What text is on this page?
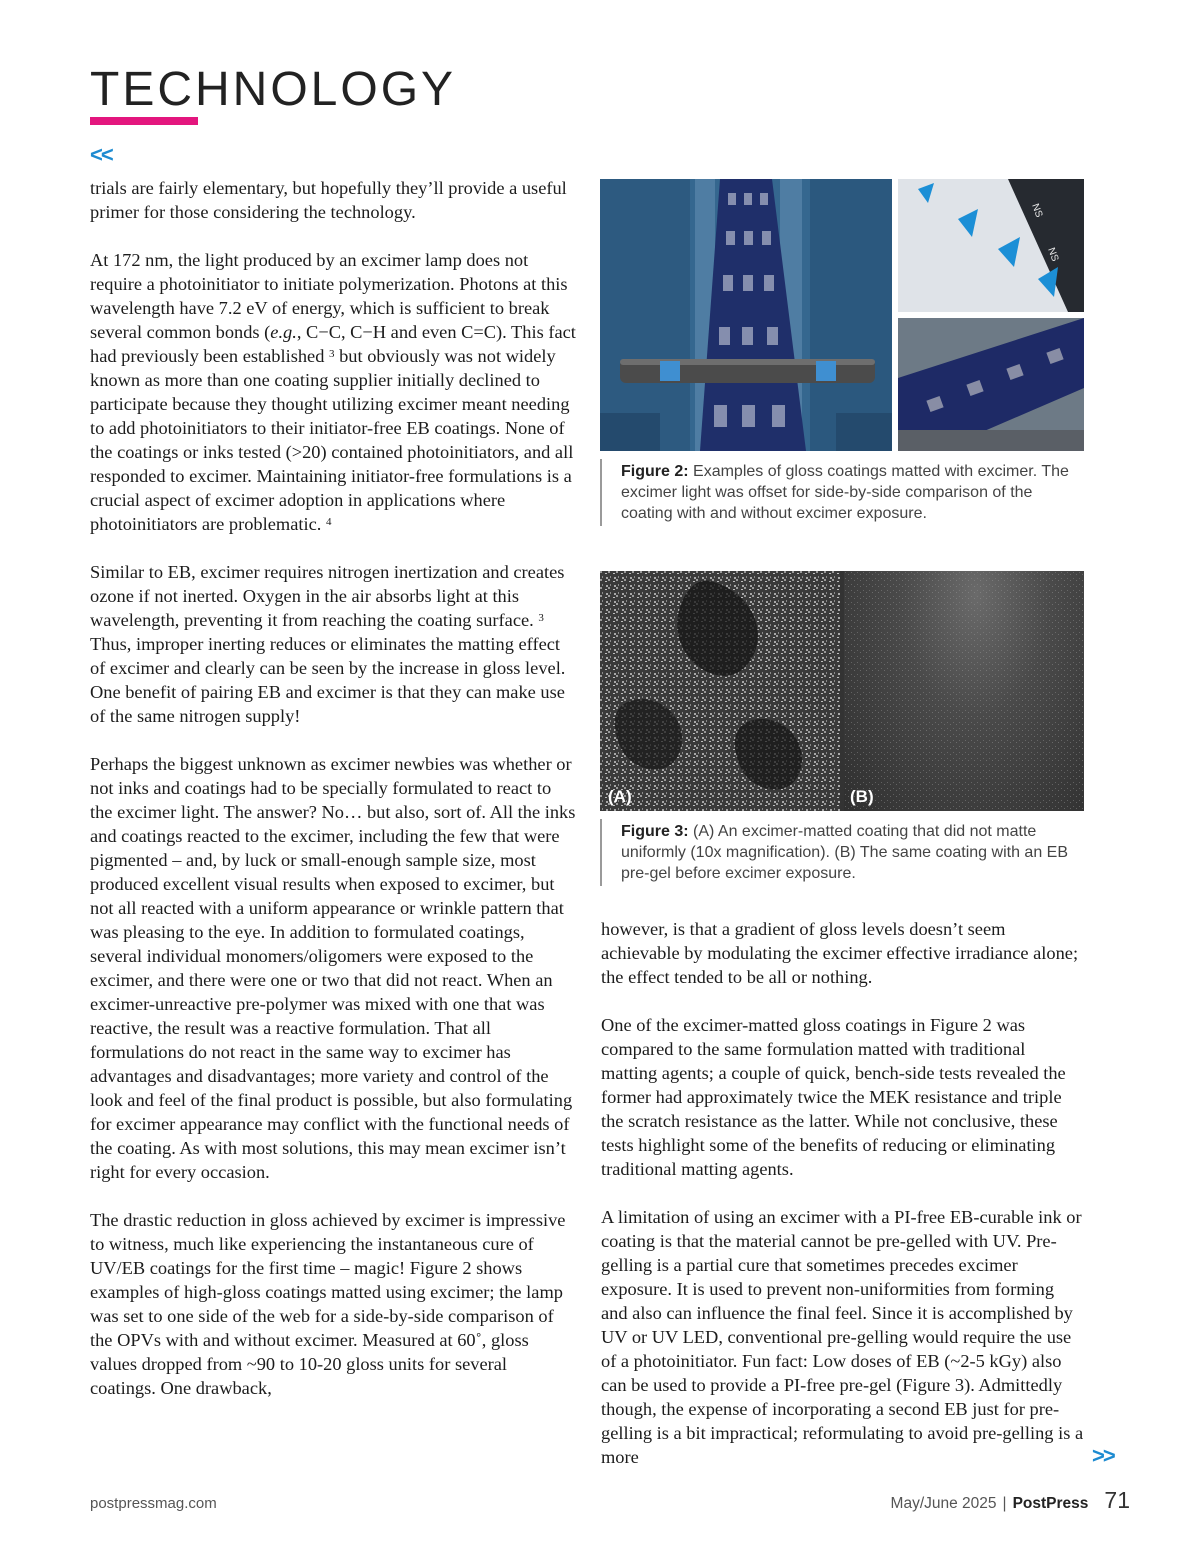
TECHNOLOGY
<<

trials are fairly elementary, but hopefully they’ll provide a useful primer for those considering the technology.

At 172 nm, the light produced by an excimer lamp does not require a photoinitiator to initiate polymerization. Photons at this wavelength have 7.2 eV of energy, which is sufficient to break several common bonds (e.g., C−C, C−H and even C=C). This fact had previously been established $^3$ but obviously was not widely known as more than one coating supplier initially declined to participate because they thought utilizing excimer meant needing to add photoinitiators to their initiator-free EB coatings. None of the coatings or inks tested (>20) contained photoinitiators, and all responded to excimer. Maintaining initiator-free formulations is a crucial aspect of excimer adoption in applications where photoinitiators are problematic. $^4$

Similar to EB, excimer requires nitrogen inertization and creates ozone if not inerted. Oxygen in the air absorbs light at this wavelength, preventing it from reaching the coating surface. $^3$ Thus, improper inerting reduces or eliminates the matting effect of excimer and clearly can be seen by the increase in gloss level. One benefit of pairing EB and excimer is that they can make use of the same nitrogen supply!

Perhaps the biggest unknown as excimer newbies was whether or not inks and coatings had to be specially formulated to react to the excimer light. The answer? No… but also, sort of. All the inks and coatings reacted to the excimer, including the few that were pigmented – and, by luck or small-enough sample size, most produced excellent visual results when exposed to excimer, but not all reacted with a uniform appearance or wrinkle pattern that was pleasing to the eye. In addition to formulated coatings, several individual monomers/oligomers were exposed to the excimer, and there were one or two that did not react. When an excimer-unreactive pre-polymer was mixed with one that was reactive, the result was a reactive formulation. That all formulations do not react in the same way to excimer has advantages and disadvantages; more variety and control of the look and feel of the final product is possible, but also formulating for excimer appearance may conflict with the functional needs of the coating. As with most solutions, this may mean excimer isn’t right for every occasion.

The drastic reduction in gloss achieved by excimer is impressive to witness, much like experiencing the instantaneous cure of UV/EB coatings for the first time – magic! Figure 2 shows examples of high-gloss coatings matted using excimer; the lamp was set to one side of the web for a side-by-side comparison of the OPVs with and without excimer. Measured at 60˚, gloss values dropped from ~90 to 10-20 gloss units for several coatings. One drawback,

NS
NS
Figure 2: Examples of gloss coatings matted with excimer. The excimer light was offset for side-by-side comparison of the coating with and without excimer exposure.
(A)	(B)
Figure 3: (A) An excimer-matted coating that did not matte uniformly (10x magnification). (B) The same coating with an EB pre-gel before excimer exposure.

however, is that a gradient of gloss levels doesn’t seem achievable by modulating the excimer effective irradiance alone; the effect tended to be all or nothing.

One of the excimer-matted gloss coatings in Figure 2 was compared to the same formulation matted with traditional matting agents; a couple of quick, bench-side tests revealed the former had approximately twice the MEK resistance and triple the scratch resistance as the latter. While not conclusive, these tests highlight some of the benefits of reducing or eliminating traditional matting agents.

A limitation of using an excimer with a PI-free EB-curable ink or coating is that the material cannot be pre-gelled with UV. Pre-gelling is a partial cure that sometimes precedes excimer exposure. It is used to prevent non-uniformities from forming and also can influence the final feel. Since it is accomplished by UV or UV LED, conventional pre-gelling would require the use of a photoinitiator. Fun fact: Low doses of EB (~2-5 kGy) also can be used to provide a PI-free pre-gel (Figure 3). Admittedly though, the expense of incorporating a second EB just for pre-gelling is a bit impractical; reformulating to avoid pre-gelling is a more	>>
postpressmag.com	May/June 2025 | PostPress 71
